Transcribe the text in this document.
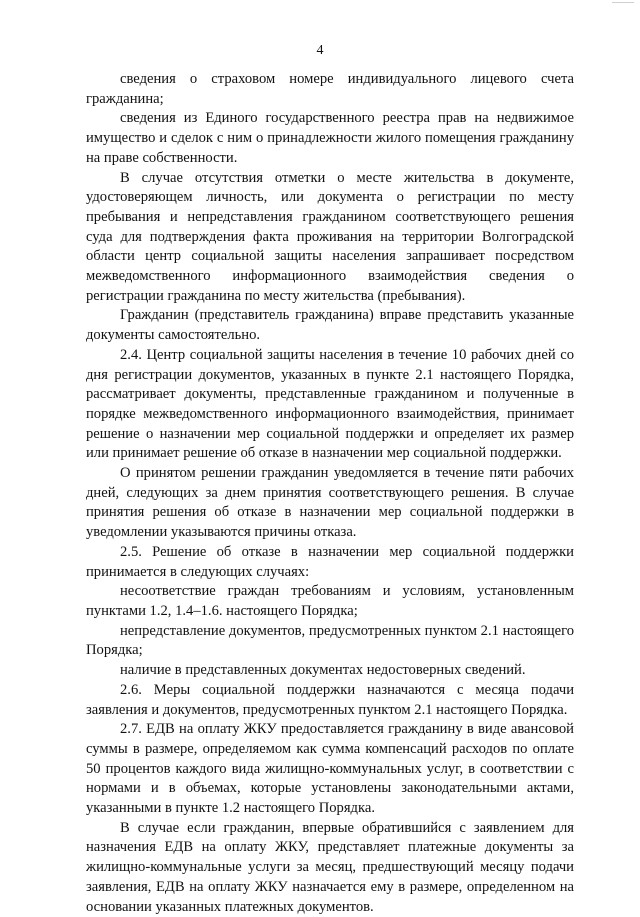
4

сведения о страховом номере индивидуального лицевого счета гражданина;

сведения из Единого государственного реестра прав на недвижимое имущество и сделок с ним о принадлежности жилого помещения гражданину на праве собственности.

В случае отсутствия отметки о месте жительства в документе, удостоверяющем личность, или документа о регистрации по месту пребывания и непредставления гражданином соответствующего решения суда для подтверждения факта проживания на территории Волгоградской области центр социальной защиты населения запрашивает посредством межведомственного информационного взаимодействия сведения о регистрации гражданина по месту жительства (пребывания).

Гражданин (представитель гражданина) вправе представить указанные документы самостоятельно.

2.4. Центр социальной защиты населения в течение 10 рабочих дней со дня регистрации документов, указанных в пункте 2.1 настоящего Порядка, рассматривает документы, представленные гражданином и полученные в порядке межведомственного информационного взаимодействия, принимает решение о назначении мер социальной поддержки и определяет их размер или принимает решение об отказе в назначении мер социальной поддержки.

О принятом решении гражданин уведомляется в течение пяти рабочих дней, следующих за днем принятия соответствующего решения. В случае принятия решения об отказе в назначении мер социальной поддержки в уведомлении указываются причины отказа.

2.5. Решение об отказе в назначении мер социальной поддержки принимается в следующих случаях:

несоответствие граждан требованиям и условиям, установленным пунктами 1.2, 1.4–1.6. настоящего Порядка;

непредставление документов, предусмотренных пунктом 2.1 настоящего Порядка;

наличие в представленных документах недостоверных сведений.

2.6. Меры социальной поддержки назначаются с месяца подачи заявления и документов, предусмотренных пунктом 2.1 настоящего Порядка.

2.7. ЕДВ на оплату ЖКУ предоставляется гражданину в виде авансовой суммы в размере, определяемом как сумма компенсаций расходов по оплате 50 процентов каждого вида жилищно-коммунальных услуг, в соответствии с нормами и в объемах, которые установлены законодательными актами, указанными в пункте 1.2 настоящего Порядка.

В случае если гражданин, впервые обратившийся с заявлением для назначения ЕДВ на оплату ЖКУ, представляет платежные документы за жилищно-коммунальные услуги за месяц, предшествующий месяцу подачи заявления, ЕДВ на оплату ЖКУ назначается ему в размере, определенном на основании указанных платежных документов.
